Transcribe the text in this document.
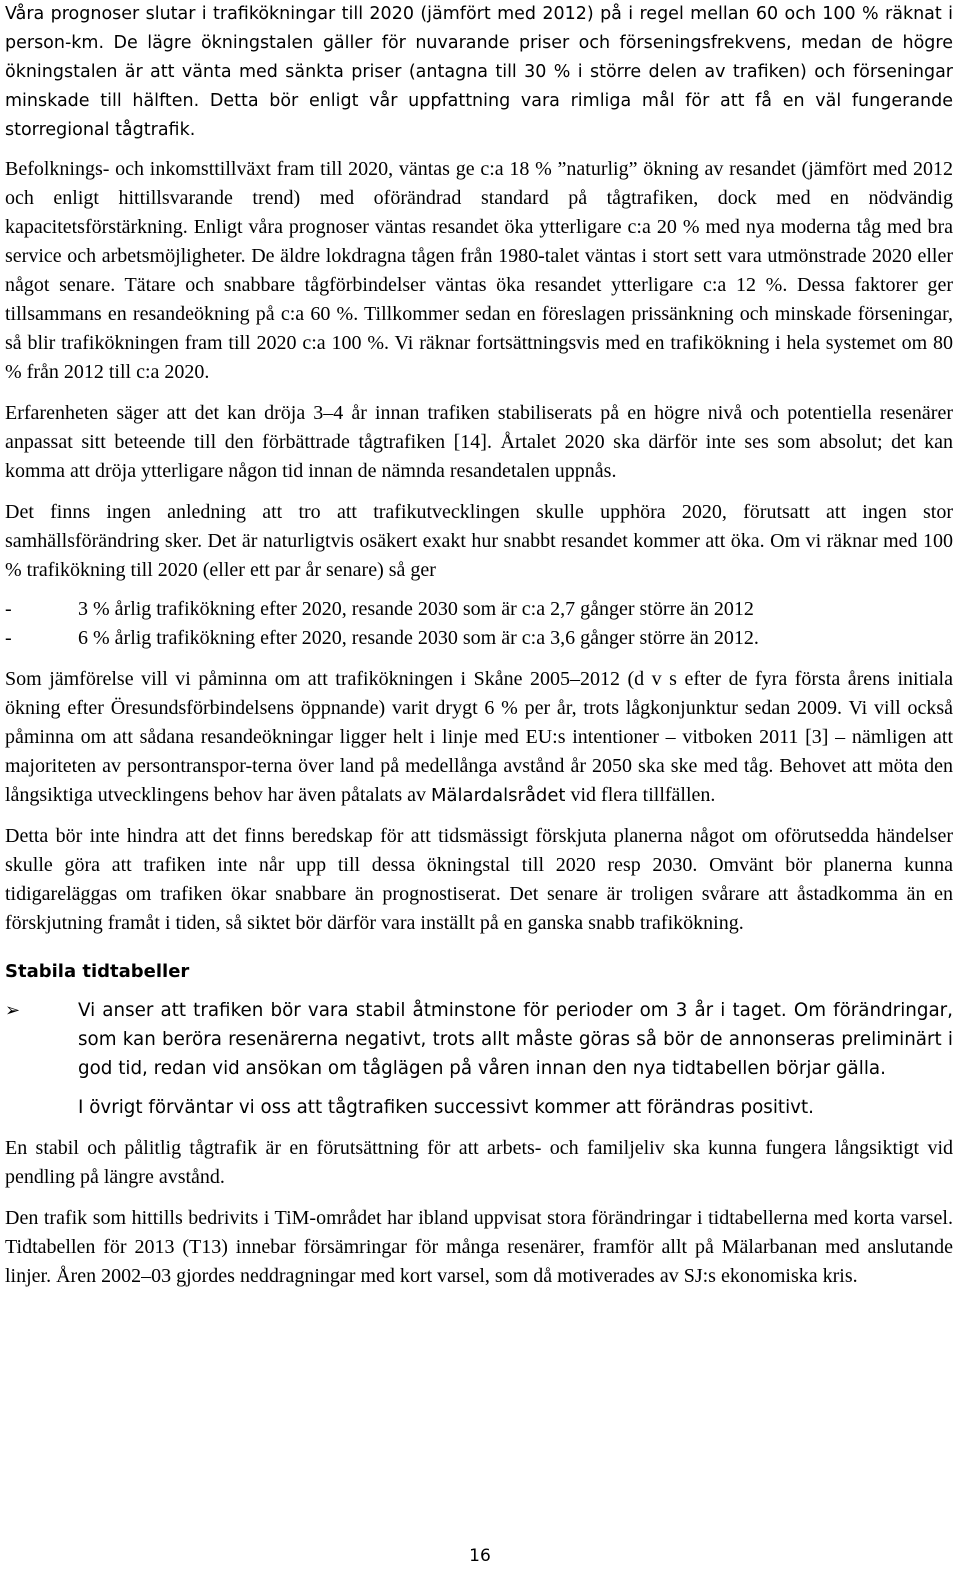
Våra prognoser slutar i trafikökningar till 2020 (jämfört med 2012) på i regel mellan 60 och 100 % räknat i person-km. De lägre ökningstalen gäller för nuvarande priser och förseningsfrekvens, medan de högre ökningstalen är att vänta med sänkta priser (antagna till 30 % i större delen av trafiken) och förseningar minskade till hälften. Detta bör enligt vår uppfattning vara rimliga mål för att få en väl fungerande storregional tågtrafik.

Befolknings- och inkomsttillväxt fram till 2020, väntas ge c:a 18 % ”naturlig” ökning av resandet (jämfört med 2012 och enligt hittillsvarande trend) med oförändrad standard på tågtrafiken, dock med en nödvändig kapacitetsförstärkning. Enligt våra prognoser väntas resandet öka ytterligare c:a 20 % med nya moderna tåg med bra service och arbetsmöjligheter. De äldre lokdragna tågen från 1980-talet väntas i stort sett vara utmönstrade 2020 eller något senare. Tätare och snabbare tågförbindelser väntas öka resandet ytterligare c:a 12 %. Dessa faktorer ger tillsammans en resandeökning på c:a 60 %. Tillkommer sedan en föreslagen prissänkning och minskade förseningar, så blir trafikökningen fram till 2020 c:a 100 %. Vi räknar fortsättningsvis med en trafikökning i hela systemet om 80 % från 2012 till c:a 2020.

Erfarenheten säger att det kan dröja 3–4 år innan trafiken stabiliserats på en högre nivå och potentiella resenärer anpassat sitt beteende till den förbättrade tågtrafiken [14]. Årtalet 2020 ska därför inte ses som absolut; det kan komma att dröja ytterligare någon tid innan de nämnda resandetalen uppnås.

Det finns ingen anledning att tro att trafikutvecklingen skulle upphöra 2020, förutsatt att ingen stor samhällsförändring sker. Det är naturligtvis osäkert exakt hur snabbt resandet kommer att öka. Om vi räknar med 100 % trafikökning till 2020 (eller ett par år senare) så ger

-	3 % årlig trafikökning efter 2020, resande 2030 som är c:a 2,7 gånger större än 2012
-	6 % årlig trafikökning efter 2020, resande 2030 som är c:a 3,6 gånger större än 2012.

Som jämförelse vill vi påminna om att trafikökningen i Skåne 2005–2012 (d v s efter de fyra första årens initiala ökning efter Öresundsförbindelsens öppnande) varit drygt 6 % per år, trots lågkonjunktur sedan 2009. Vi vill också påminna om att sådana resandeökningar ligger helt i linje med EU:s intentioner – vitboken 2011 [3] – nämligen att majoriteten av persontranspor-terna över land på medellånga avstånd år 2050 ska ske med tåg. Behovet att möta den långsiktiga utvecklingens behov har även påtalats av Mälardalsrådet vid flera tillfällen.

Detta bör inte hindra att det finns beredskap för att tidsmässigt förskjuta planerna något om oförutsedda händelser skulle göra att trafiken inte når upp till dessa ökningstal till 2020 resp 2030. Omvänt bör planerna kunna tidigareläggas om trafiken ökar snabbare än prognostiserat. Det senare är troligen svårare att åstadkomma än en förskjutning framåt i tiden, så siktet bör därför vara inställt på en ganska snabb trafikökning.

Stabila tidtabeller
➢	Vi anser att trafiken bör vara stabil åtminstone för perioder om 3 år i taget. Om förändringar, som kan beröra resenärerna negativt, trots allt måste göras så bör de annonseras preliminärt i god tid, redan vid ansökan om tåglägen på våren innan den nya tidtabellen börjar gälla.

I övrigt förväntar vi oss att tågtrafiken successivt kommer att förändras positivt.

En stabil och pålitlig tågtrafik är en förutsättning för att arbets- och familjeliv ska kunna fungera långsiktigt vid pendling på längre avstånd.

Den trafik som hittills bedrivits i TiM-området har ibland uppvisat stora förändringar i tidtabellerna med korta varsel. Tidtabellen för 2013 (T13) innebar försämringar för många resenärer, framför allt på Mälarbanan med anslutande linjer. Åren 2002–03 gjordes neddragningar med kort varsel, som då motiverades av SJ:s ekonomiska kris.

16
